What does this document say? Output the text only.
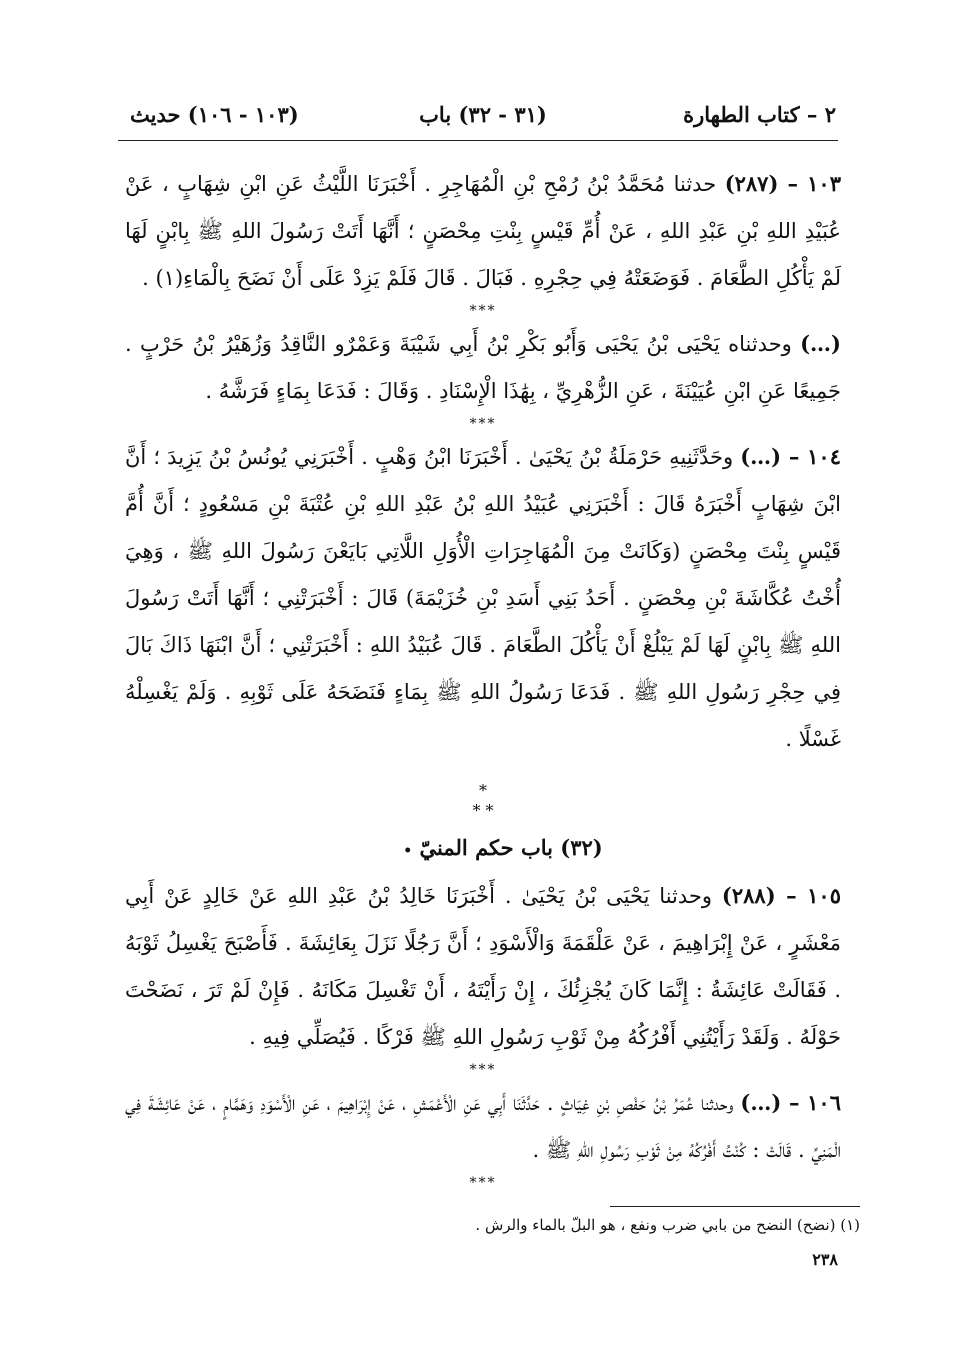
٢ – كتاب الطهارة
(٣١ - ٣٢) باب
(١٠٣ - ١٠٦) حديث

١٠٣ – (٢٨٧) حدثنا مُحَمَّدُ بْنُ رُمْحِ بْنِ الْمُهَاجِرِ . أَخْبَرَنَا اللَّيْثُ عَنِ ابْنِ شِهَابٍ ، عَنْ عُبَيْدِ اللهِ بْنِ عَبْدِ اللهِ ، عَنْ أُمِّ قَيْسٍ بِنْتِ مِحْصَنٍ ؛ أَنَّهَا أَتَتْ رَسُولَ اللهِ ﷺ بِابْنٍ لَهَا لَمْ يَأْكُلِ الطَّعَامَ . فَوَضَعَتْهُ فِي حِجْرِهِ . فَبَالَ . قَالَ فَلَمْ يَزِدْ عَلَى أَنْ نَضَحَ بِالْمَاءِ(١) .

***

(…) وحدثناه يَحْيَى بْنُ يَحْيَى وَأَبُو بَكْرِ بْنُ أَبِي شَيْبَةَ وَعَمْرٌو النَّاقِدُ وَزُهَيْرُ بْنُ حَرْبٍ . جَمِيعًا عَنِ ابْنِ عُيَيْنَةَ ، عَنِ الزُّهْرِيِّ ، بِهَٰذَا الْإِسْنَادِ . وَقَالَ : فَدَعَا بِمَاءٍ فَرَشَّهُ .

***

١٠٤ – (…) وحَدَّثَنِيهِ حَرْمَلَةُ بْنُ يَحْيَىٰ . أَخْبَرَنَا ابْنُ وَهْبٍ . أَخْبَرَنِي يُونُسُ بْنُ يَزِيدَ ؛ أَنَّ ابْنَ شِهَابٍ أَخْبَرَهُ قَالَ : أَخْبَرَنِي عُبَيْدُ اللهِ بْنُ عَبْدِ اللهِ بْنِ عُتْبَةَ بْنِ مَسْعُودٍ ؛ أَنَّ أُمَّ قَيْسٍ بِنْتَ مِحْصَنٍ (وَكَانَتْ مِنَ الْمُهَاجِرَاتِ الْأُوَلِ اللَّاتِي بَايَعْنَ رَسُولَ اللهِ ﷺ ، وَهِيَ أُخْتُ عُكَّاشَةَ بْنِ مِحْصَنٍ . أَحَدُ بَنِي أَسَدِ بْنِ خُزَيْمَةَ) قَالَ : أَخْبَرَتْنِي ؛ أَنَّهَا أَتَتْ رَسُولَ اللهِ ﷺ بِابْنٍ لَهَا لَمْ يَبْلُغْ أَنْ يَأْكُلَ الطَّعَامَ . قَالَ عُبَيْدُ اللهِ : أَخْبَرَتْنِي ؛ أَنَّ ابْنَهَا ذَاكَ بَالَ فِي حِجْرِ رَسُولِ اللهِ ﷺ . فَدَعَا رَسُولُ اللهِ ﷺ بِمَاءٍ فَنَضَحَهُ عَلَى ثَوْبِهِ . وَلَمْ يَغْسِلْهُ غَسْلًا .

*
* *

(٣٢) باب حكم المنيّ •

١٠٥ – (٢٨٨) وحدثنا يَحْيَى بْنُ يَحْيَىٰ . أَخْبَرَنَا خَالِدُ بْنُ عَبْدِ اللهِ عَنْ خَالِدٍ عَنْ أَبِي مَعْشَرٍ ، عَنْ إِبْرَاهِيمَ ، عَنْ عَلْقَمَةَ وَالْأَسْوَدِ ؛ أَنَّ رَجُلًا نَزَلَ بِعَائِشَةَ . فَأَصْبَحَ يَغْسِلُ ثَوْبَهُ . فَقَالَتْ عَائِشَةُ : إِنَّمَا كَانَ يُجْزِئُكَ ، إِنْ رَأَيْتَهُ ، أَنْ تَغْسِلَ مَكَانَهُ . فَإِنْ لَمْ تَرَ ، نَضَحْتَ حَوْلَهُ . وَلَقَدْ رَأَيْتُنِي أَفْرُكُهُ مِنْ ثَوْبِ رَسُولِ اللهِ ﷺ فَرْكًا . فَيُصَلِّي فِيهِ .

***

١٠٦ – (…) وحدثنا عُمَرُ بْنُ حَفْصِ بْنِ غِيَاثٍ . حَدَّثَنَا أَبِي عَنِ الْأَعْمَشِ ، عَنْ إِبْرَاهِيمَ ، عَنِ الْأَسْوَدِ وَهَمَّامٍ ، عَنْ عَائِشَةَ فِي الْمَنِيِّ . قَالَتْ : كُنْتُ أَفْرُكُهُ مِنْ ثَوْبِ رَسُولِ اللهِ ﷺ .

***

(١) (نضح) النضح من بابي ضرب ونفع ، هو البلّ بالماء والرش .
٢٣٨
